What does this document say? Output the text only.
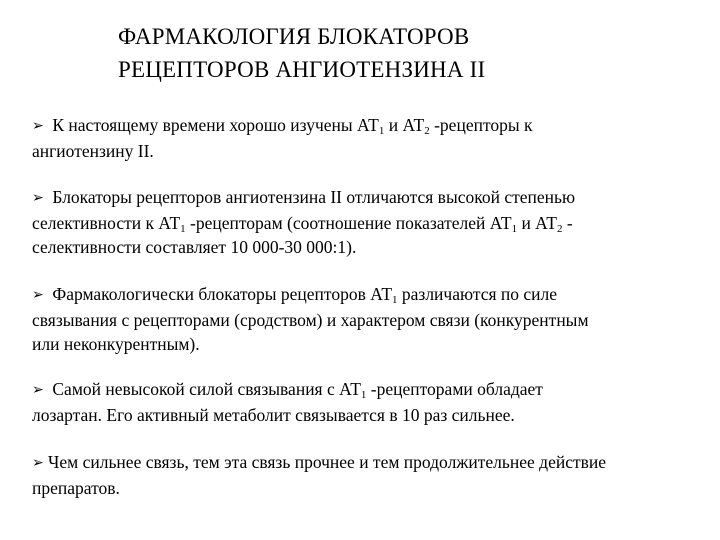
ФАРМАКОЛОГИЯ БЛОКАТОРОВ
РЕЦЕПТОРОВ АНГИОТЕНЗИНА II
➢ К настоящему времени хорошо изучены $АТ_1$ и $АТ_2$ -рецепторы к
ангиотензину II.
➢ Блокаторы рецепторов ангиотензина II отличаются высокой степенью
селективности к $АТ_1$ -рецепторам (соотношение показателей $АТ_1$ и $АТ_2$ -
селективности составляет 10 000-30 000:1).
➢ Фармакологически блокаторы рецепторов $АТ_1$ различаются по силе
связывания с рецепторами (сродством) и характером связи (конкурентным
или неконкурентным).
➢ Самой невысокой силой связывания с $АТ_1$ -рецепторами обладает
лозартан. Его активный метаболит связывается в 10 раз сильнее.
➢ Чем сильнее связь, тем эта связь прочнее и тем продолжительнее действие
препаратов.
